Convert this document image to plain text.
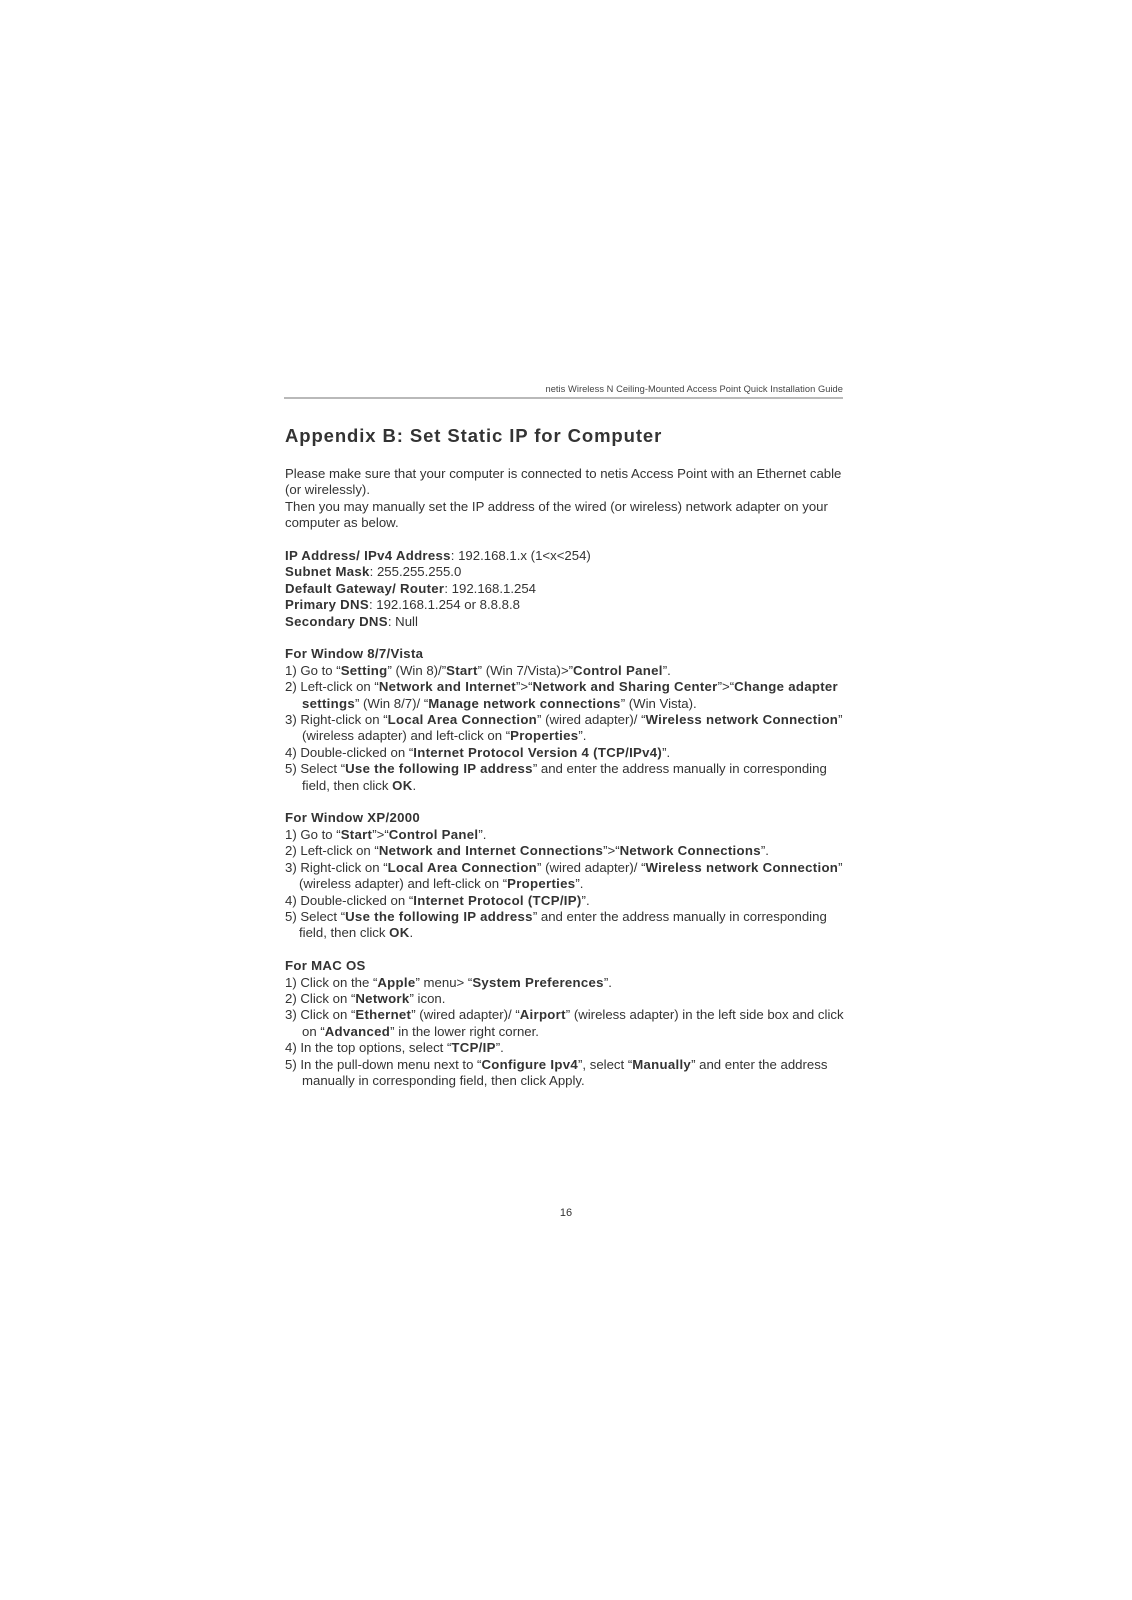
netis Wireless N Ceiling-Mounted Access Point Quick Installation Guide
Appendix B: Set Static IP for Computer

Please make sure that your computer is connected to netis Access Point with an Ethernet cable (or wirelessly).

Then you may manually set the IP address of the wired (or wireless) network adapter on your computer as below.

IP Address/ IPv4 Address: 192.168.1.x (1<x<254)
Subnet Mask: 255.255.255.0
Default Gateway/ Router: 192.168.1.254
Primary DNS: 192.168.1.254 or 8.8.8.8
Secondary DNS: Null
For Window 8/7/Vista
1) Go to “Setting” (Win 8)/”Start” (Win 7/Vista)>”Control Panel”.
2) Left-click on “Network and Internet”>“Network and Sharing Center”>“Change adapter settings” (Win 8/7)/ “Manage network connections” (Win Vista).
3) Right-click on “Local Area Connection” (wired adapter)/ “Wireless network Connection” (wireless adapter) and left-click on “Properties”.
4) Double-clicked on “Internet Protocol Version 4 (TCP/IPv4)”.
5) Select “Use the following IP address” and enter the address manually in corresponding field, then click OK.
For Window XP/2000
1) Go to “Start”>“Control Panel”.
2) Left-click on “Network and Internet Connections”>“Network Connections”.
3) Right-click on “Local Area Connection” (wired adapter)/ “Wireless network Connection” (wireless adapter) and left-click on “Properties”.
4) Double-clicked on “Internet Protocol (TCP/IP)”.
5) Select “Use the following IP address” and enter the address manually in corresponding field, then click OK.
For MAC OS
1) Click on the “Apple” menu> “System Preferences”.
2) Click on “Network” icon.
3) Click on “Ethernet” (wired adapter)/ “Airport” (wireless adapter) in the left side box and click on “Advanced” in the lower right corner.
4) In the top options, select “TCP/IP”.
5) In the pull-down menu next to “Configure Ipv4”, select “Manually” and enter the address manually in corresponding field, then click Apply.
16
